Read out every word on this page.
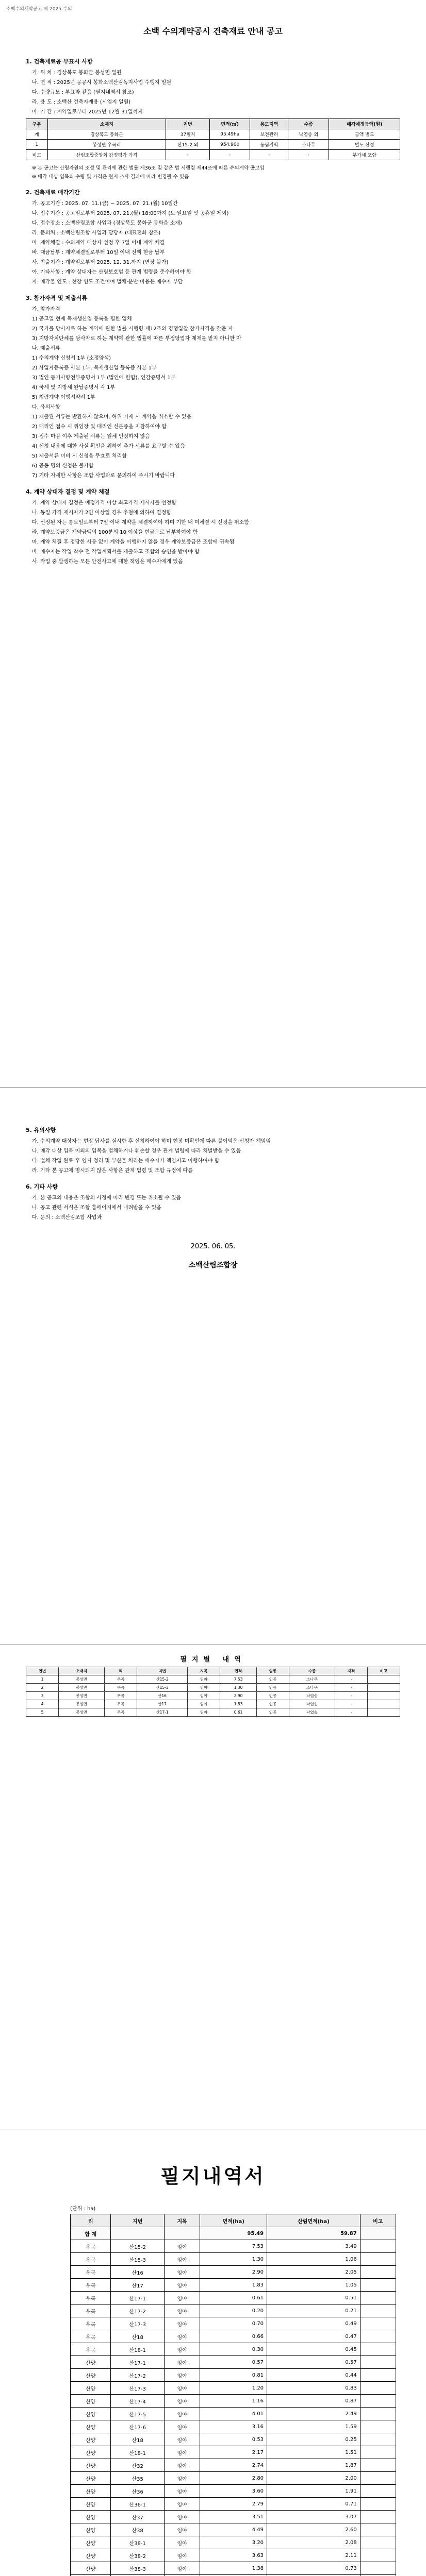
소백수의계약공고 제 2025-수의
소백 수의계약공시 건축재료 안내 공고
1. 건축재료공 부표시 사항
가. 위 치 : 경상북도 봉화군 봉성면 일원
나. 면 적 : 2025년 공공시 봉화소백산림녹지사업 수행지 일원
다. 수량규모 : 부표와 같음 (필지내역서 참조)
라. 용 도 : 소백산 건축자재용 (시업지 일원)
마. 기 간 : 계약일로부터 2025년 12월 31일까지
구분	소재지	지번	면적(㎡)	용도지역	수종	매각예정금액(원)
계	경상북도 봉화군	37필지	95.49ha	보전관리	낙엽송 외	금액 별도
1	봉성면 우곡리	산15-2 외	954,900	농림지역	소나무	별도 산정
비고	산림조합중앙회 감정평가 가격	-	-	-	-	부가세 포함
※ 본 공고는 산림자원의 조성 및 관리에 관한 법률 제36조 및 같은 법 시행령 제44조에 따른 수의계약 공고임
※ 매각 대상 입목의 수량 및 가격은 현지 조사 결과에 따라 변경될 수 있음
2. 건축재료 매각기간
가. 공고기간 : 2025. 07. 11.(금) ~ 2025. 07. 21.(월) 10일간
나. 접수기간 : 공고일로부터 2025. 07. 21.(월) 18:00까지 (토·일요일 및 공휴일 제외)
다. 접수장소 : 소백산림조합 사업과 (경상북도 봉화군 봉화읍 소재)
라. 문의처 : 소백산림조합 사업과 담당자 (대표전화 참조)
마. 계약체결 : 수의계약 대상자 선정 후 7일 이내 계약 체결
바. 대금납부 : 계약체결일로부터 10일 이내 전액 현금 납부
사. 반출기간 : 계약일로부터 2025. 12. 31.까지 (연장 불가)
아. 기타사항 : 계약 상대자는 산림보호법 등 관계 법령을 준수하여야 함
자. 매각물 인도 : 현장 인도 조건이며 벌채·운반 비용은 매수자 부담
3. 참가자격 및 제출서류
가. 참가자격
1) 공고일 현재 목재생산업 등록을 필한 업체
2) 국가를 당사자로 하는 계약에 관한 법률 시행령 제12조의 경쟁입찰 참가자격을 갖춘 자
3) 지방자치단체를 당사자로 하는 계약에 관한 법률에 따른 부정당업자 제재를 받지 아니한 자
나. 제출서류
1) 수의계약 신청서 1부 (소정양식)
2) 사업자등록증 사본 1부, 목재생산업 등록증 사본 1부
3) 법인 등기사항전부증명서 1부 (법인에 한함), 인감증명서 1부
4) 국세 및 지방세 완납증명서 각 1부
5) 청렴계약 이행서약서 1부
다. 유의사항
1) 제출된 서류는 반환하지 않으며, 허위 기재 시 계약을 취소할 수 있음
2) 대리인 접수 시 위임장 및 대리인 신분증을 지참하여야 함
3) 접수 마감 이후 제출된 서류는 일체 인정하지 않음
4) 신청 내용에 대한 사실 확인을 위하여 추가 서류를 요구할 수 있음
5) 제출서류 미비 시 신청을 무효로 처리함
6) 공동 명의 신청은 불가함
7) 기타 자세한 사항은 조합 사업과로 문의하여 주시기 바랍니다
4. 계약 상대자 결정 및 계약 체결
가. 계약 상대자 결정은 예정가격 이상 최고가격 제시자를 선정함
나. 동일 가격 제시자가 2인 이상일 경우 추첨에 의하여 결정함
다. 선정된 자는 통보일로부터 7일 이내 계약을 체결하여야 하며 기한 내 미체결 시 선정을 취소함
라. 계약보증금은 계약금액의 100분의 10 이상을 현금으로 납부하여야 함
마. 계약 체결 후 정당한 사유 없이 계약을 이행하지 않을 경우 계약보증금은 조합에 귀속됨
바. 매수자는 작업 착수 전 작업계획서를 제출하고 조합의 승인을 받아야 함
사. 작업 중 발생하는 모든 안전사고에 대한 책임은 매수자에게 있음
5. 유의사항
가. 수의계약 대상자는 현장 답사를 실시한 후 신청하여야 하며 현장 미확인에 따른 불이익은 신청자 책임임
나. 매각 대상 입목 이외의 입목을 벌채하거나 훼손할 경우 관계 법령에 따라 처벌받을 수 있음
다. 벌채 작업 완료 후 임지 정리 및 부산물 처리는 매수자가 책임지고 이행하여야 함
라. 기타 본 공고에 명시되지 않은 사항은 관계 법령 및 조합 규정에 따름
6. 기타 사항
가. 본 공고의 내용은 조합의 사정에 따라 변경 또는 취소될 수 있음
나. 공고 관련 서식은 조합 홈페이지에서 내려받을 수 있음
다. 문의 : 소백산림조합 사업과
2025. 06. 05.
소백산림조합장
필지별 내역
연번	소재지	리	지번	지목	면적	임종	수종	재적	비고
1	봉성면	우곡	산15-2	임야	7.53	인공	소나무	-	
2	봉성면	우곡	산15-3	임야	1.30	인공	소나무	-	
3	봉성면	우곡	산16	임야	2.90	인공	낙엽송	-	
4	봉성면	우곡	산17	임야	1.83	인공	낙엽송	-	
5	봉성면	우곡	산17-1	임야	0.61	인공	낙엽송	-	
필지내역서
(단위 : ha)
리	지번	지목	면적(ha)	산림면적(ha)	비고
합 계			95.49	59.87	
우곡	산15-2	임야	7.53	3.49	
우곡	산15-3	임야	1.30	1.06	
우곡	산16	임야	2.90	2.05	
우곡	산17	임야	1.83	1.05	
우곡	산17-1	임야	0.61	0.51	
우곡	산17-2	임야	0.20	0.21	
우곡	산17-3	임야	0.70	0.49	
우곡	산18	임야	0.66	0.47	
우곡	산18-1	임야	0.30	0.45	
산양	산17-1	임야	0.57	0.57	
산양	산17-2	임야	0.81	0.44	
산양	산17-3	임야	1.20	0.83	
산양	산17-4	임야	1.16	0.87	
산양	산17-5	임야	4.01	2.49	
산양	산17-6	임야	3.16	1.59	
산양	산18	임야	0.53	0.25	
산양	산18-1	임야	2.17	1.51	
산양	산32	임야	2.74	1.87	
산양	산35	임야	2.80	2.00	
산양	산36	임야	3.60	1.91	
산양	산36-1	임야	2.79	0.71	
산양	산37	임야	3.51	3.07	
산양	산38	임야	4.49	2.60	
산양	산38-1	임야	3.20	2.08	
산양	산38-2	임야	3.63	2.11	
산양	산38-3	임야	1.38	0.73	
